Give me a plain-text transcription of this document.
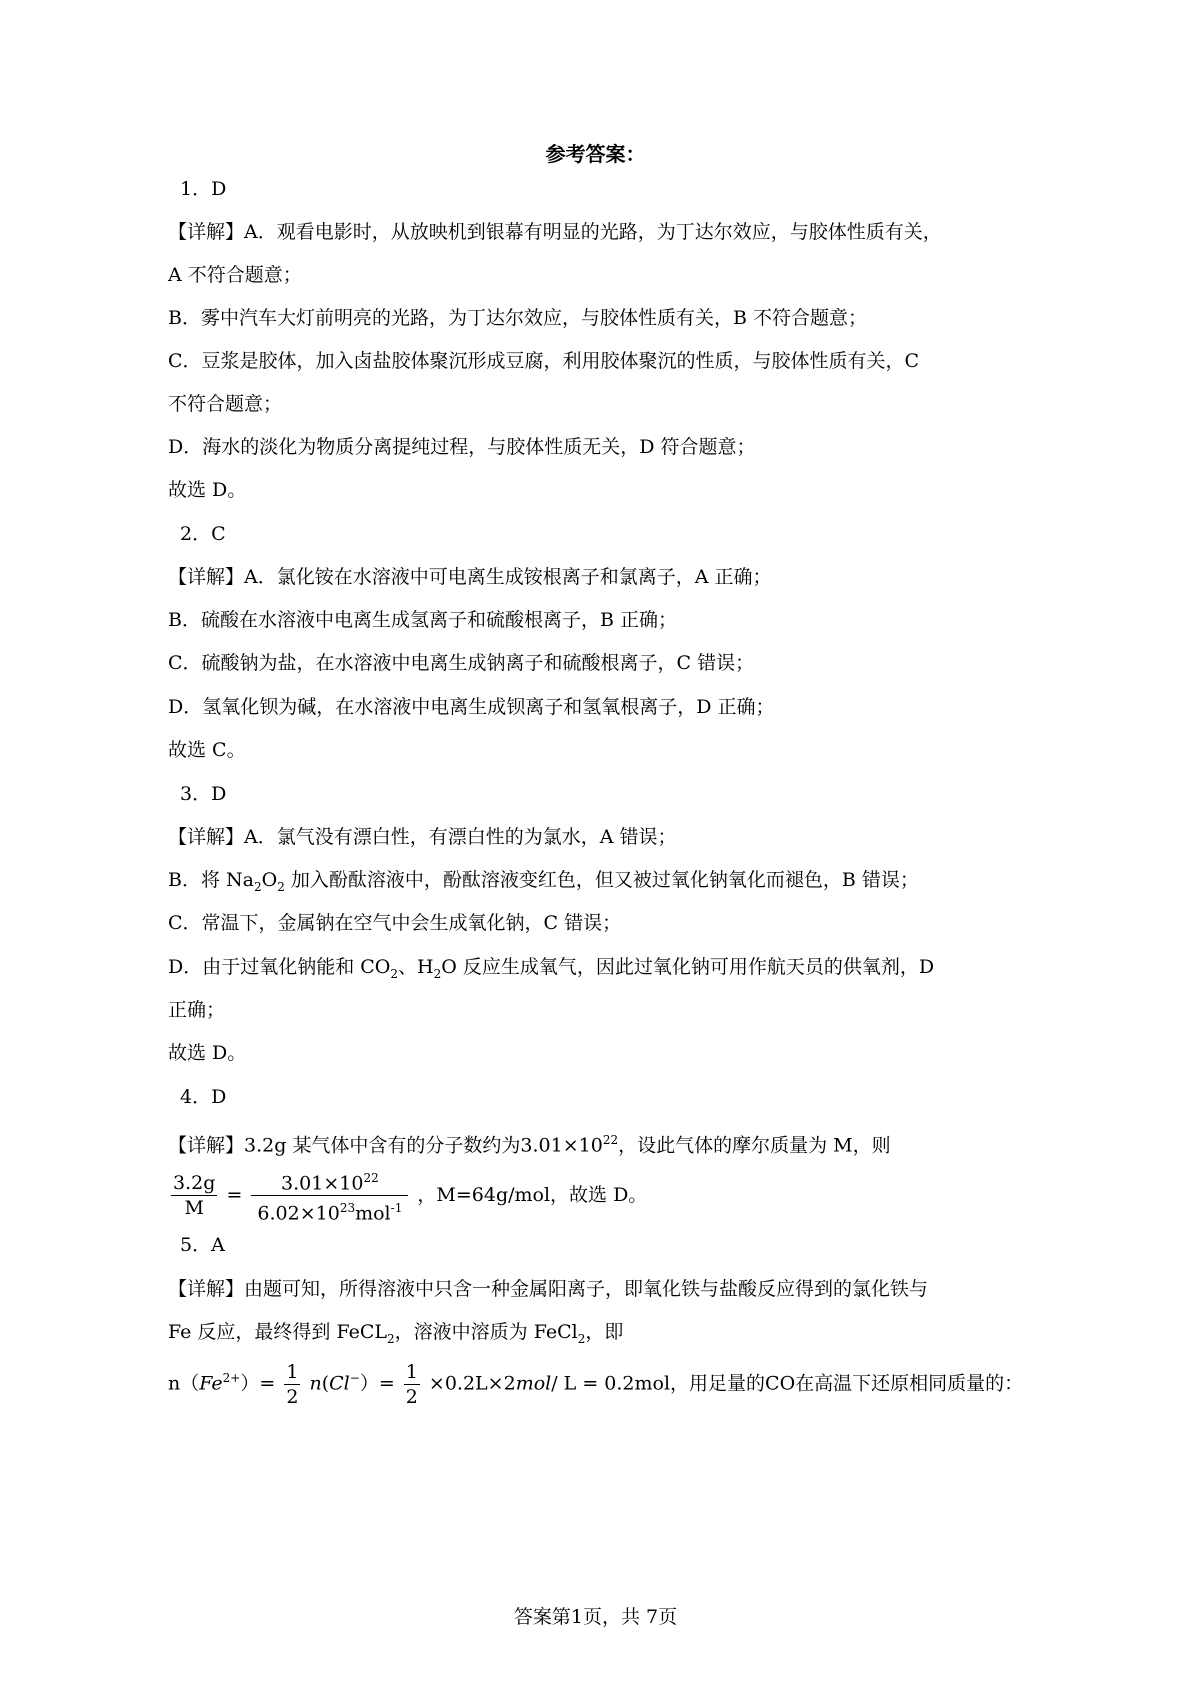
参考答案：
1．D
【详解】A．观看电影时，从放映机到银幕有明显的光路，为丁达尔效应，与胶体性质有关，
A 不符合题意；
B．雾中汽车大灯前明亮的光路，为丁达尔效应，与胶体性质有关，B 不符合题意；
C．豆浆是胶体，加入卤盐胶体聚沉形成豆腐，利用胶体聚沉的性质，与胶体性质有关，C
不符合题意；
D．海水的淡化为物质分离提纯过程，与胶体性质无关，D 符合题意；
故选 D。
2．C
【详解】A．氯化铵在水溶液中可电离生成铵根离子和氯离子，A 正确；
B．硫酸在水溶液中电离生成氢离子和硫酸根离子，B 正确；
C．硫酸钠为盐，在水溶液中电离生成钠离子和硫酸根离子，C 错误；
D．氢氧化钡为碱，在水溶液中电离生成钡离子和氢氧根离子，D 正确；
故选 C。
3．D
【详解】A．氯气没有漂白性，有漂白性的为氯水，A 错误；
B．将 $Na_2O_2$ 加入酚酞溶液中，酚酞溶液变红色，但又被过氧化钠氧化而褪色，B 错误；
C．常温下，金属钠在空气中会生成氧化钠，C 错误；
D．由于过氧化钠能和 $CO_2$、$H_2O$ 反应生成氧气，因此过氧化钠可用作航天员的供氧剂，D
正确；
故选 D。
4．D
【详解】3.2g 某气体中含有的分子数约为$3.01\times 10^{22}$，设此气体的摩尔质量为 M，则
$\frac{3.2g}{M} = \frac{3.01\times 10^{22}}{6.02\times 10^{23}mol^{-1}}$ ，M=64g/mol，故选 D。
5．A
【详解】由题可知，所得溶液中只含一种金属阳离子，即氧化铁与盐酸反应得到的氯化铁与
Fe 反应，最终得到 FeCL$_2$，溶液中溶质为 FeCl$_2$，即
$n(Fe^{2+})= \frac{1}{2} n(Cl^-)= \frac{1}{2} \times 0.2L\times 2mol/$ L = 0.2mol，用足量的CO在高温下还原相同质量的：
答案第1页，共 7页
